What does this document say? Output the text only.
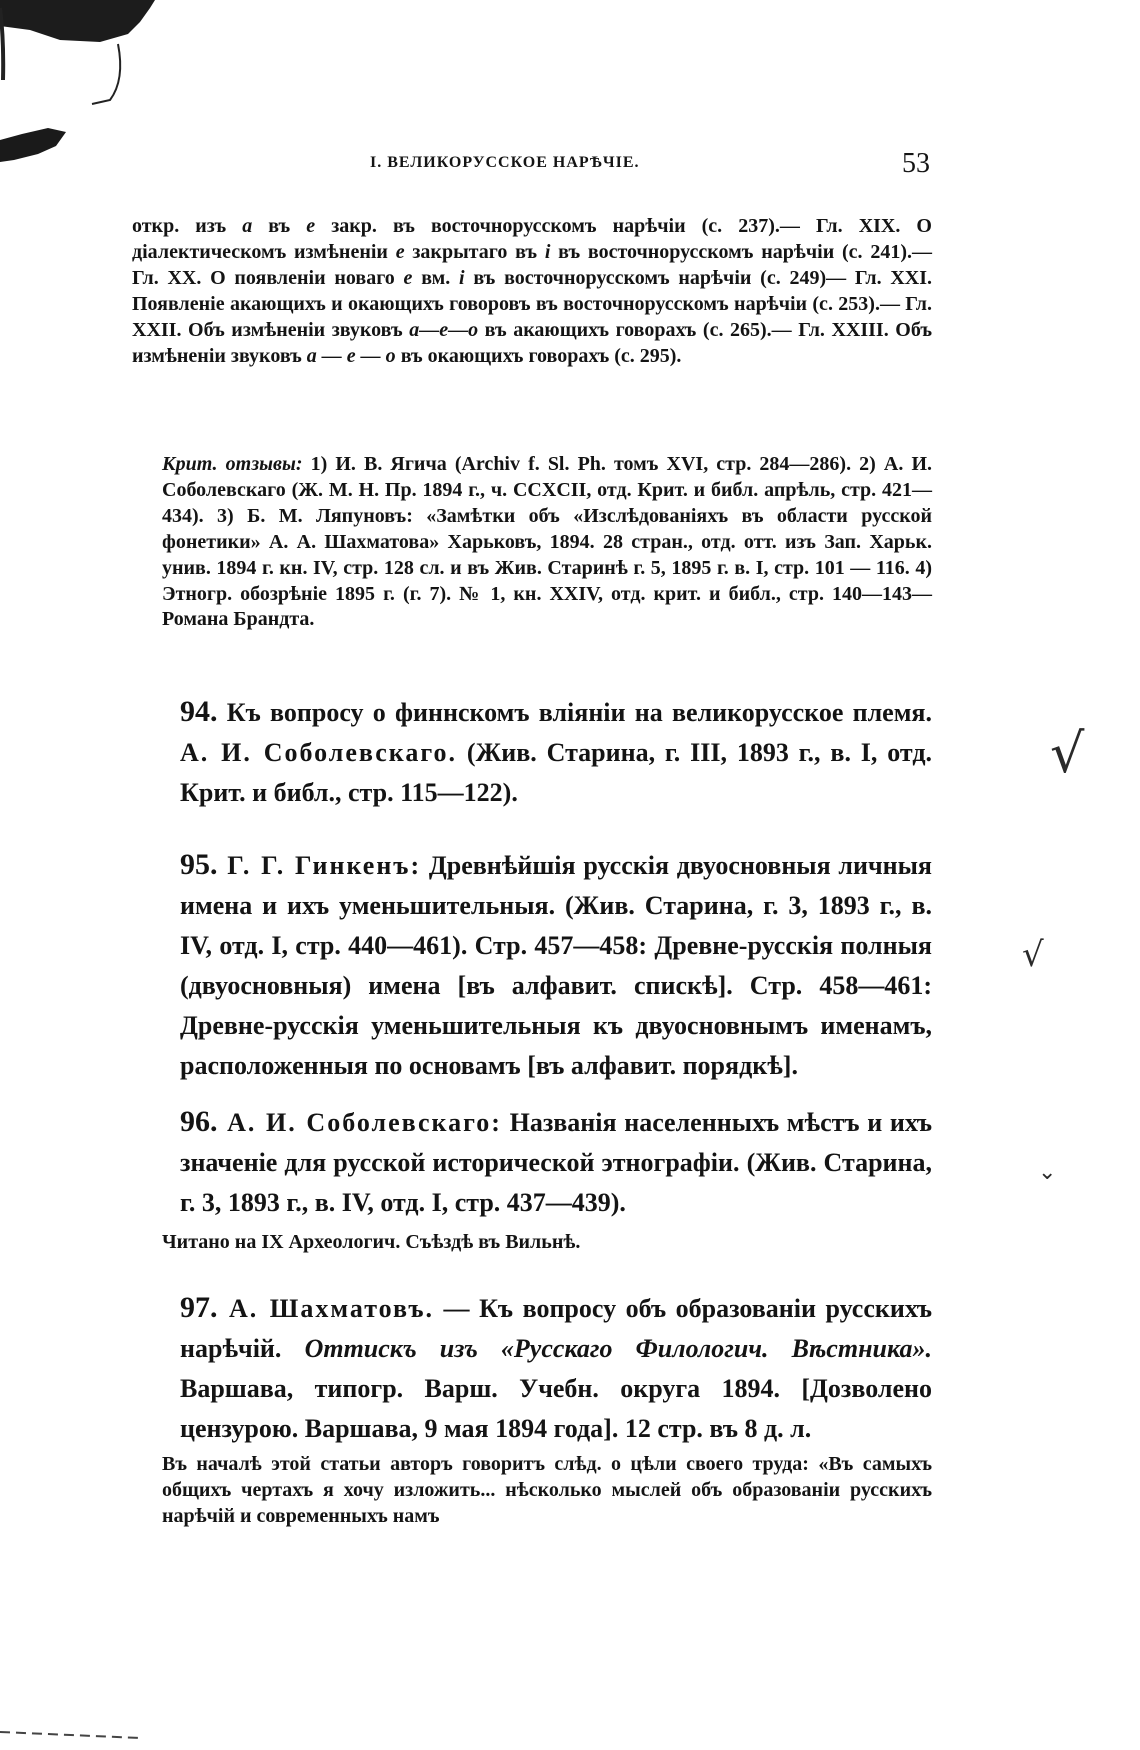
I. ВЕЛИКОРУССКОЕ НАРѢЧІЕ.	53

откр. изъ а въ е закр. въ восточнорусскомъ нарѣчіи (с. 237).— Гл. XIX. О діалектическомъ измѣненіи е закрытаго въ і въ восточнорусскомъ нарѣчіи (с. 241).— Гл. XX. О появленіи новаго е вм. і въ восточнорусскомъ нарѣчіи (с. 249)— Гл. XXI. Появленіе акающихъ и окающихъ говоровъ въ восточнорусскомъ нарѣчіи (с. 253).— Гл. XXII. Объ измѣненіи звуковъ а—е—о въ акающихъ говорахъ (с. 265).— Гл. XXIII. Объ измѣненіи звуковъ а — е — о въ окающихъ говорахъ (с. 295).

Крит. отзывы: 1) И. В. Ягича (Archiv f. Sl. Ph. томъ XVI, стр. 284—286). 2) А. И. Соболевскаго (Ж. М. Н. Пр. 1894 г., ч. CCXCII, отд. Крит. и библ. апрѣль, стр. 421—434). 3) Б. М. Ляпуновъ: «Замѣтки объ «Изслѣдованіяхъ въ области русской фонетики» А. А. Шахматова» Харьковъ, 1894. 28 стран., отд. отт. изъ Зап. Харьк. унив. 1894 г. кн. IV, стр. 128 сл. и въ Жив. Старинѣ г. 5, 1895 г. в. I, стр. 101 — 116. 4) Этногр. обозрѣніе 1895 г. (г. 7). № 1, кн. XXIV, отд. крит. и библ., стр. 140—143—Романа Брандта.

94. Къ вопросу о финнскомъ вліяніи на великорусское племя. А. И. Соболевскаго. (Жив. Старина, г. III, 1893 г., в. I, отд. Крит. и библ., стр. 115—122).

95. Г. Г. Гинкенъ: Древнѣйшія русскія двуосновныя личныя имена и ихъ уменьшительныя. (Жив. Старина, г. 3, 1893 г., в. IV, отд. I, стр. 440—461). Стр. 457—458: Древне-русскія полныя (двуосновныя) имена [въ алфавит. спискѣ]. Стр. 458—461: Древне-русскія уменьшительныя къ двуосновнымъ именамъ, расположенныя по основамъ [въ алфавит. порядкѣ].

96. А. И. Соболевскаго: Названія населенныхъ мѣстъ и ихъ значеніе для русской исторической этнографіи. (Жив. Старина, г. 3, 1893 г., в. IV, отд. I, стр. 437—439).

Читано на IX Археологич. Съѣздѣ въ Вильнѣ.

97. А. Шахматовъ. — Къ вопросу объ образованіи русскихъ нарѣчій. Оттискъ изъ «Русскаго Филологич. Вѣстника». Варшава, типогр. Варш. Учебн. округа 1894. [Дозволено цензурою. Варшава, 9 мая 1894 года]. 12 стр. въ 8 д. л.

Въ началѣ этой статьи авторъ говоритъ слѣд. о цѣли своего труда: «Въ самыхъ общихъ чертахъ я хочу изложить... нѣсколько мыслей объ образованіи русскихъ нарѣчій и современныхъ намъ

√
√
⌄
